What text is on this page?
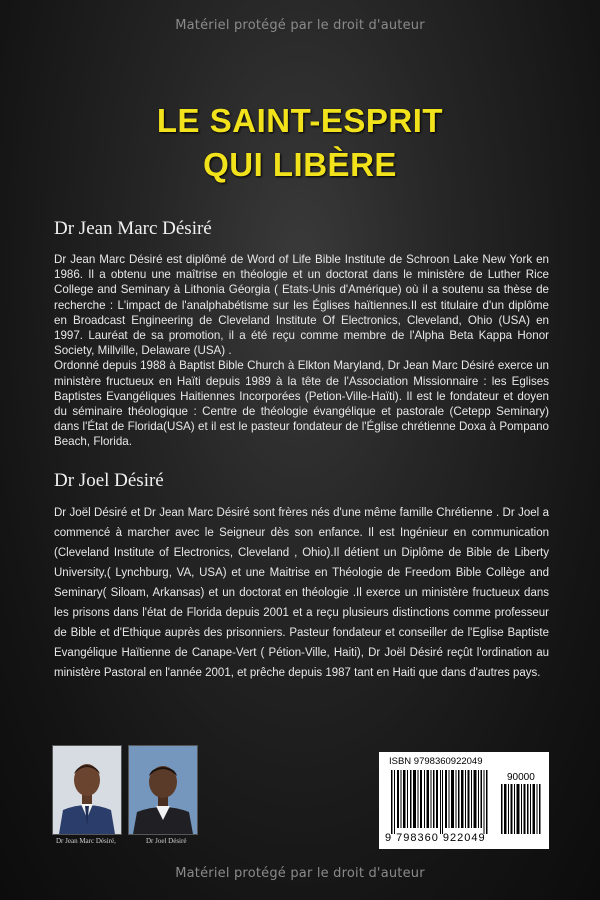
Matériel protégé par le droit d'auteur
LE SAINT-ESPRIT
QUI LIBÈRE
Dr Jean Marc Désiré

Dr Jean Marc Désiré est diplômé de Word of Life Bible Institute de Schroon Lake New York en 1986. Il a obtenu une maîtrise en théologie et un doctorat dans le ministère de Luther Rice College and Seminary à Lithonia Géorgia ( Etats-Unis d'Amérique) où il a soutenu sa thèse de recherche : L'impact de l'analphabétisme sur les Églises haïtiennes.Il est titulaire d'un diplôme en Broadcast Engineering de Cleveland Institute Of Electronics, Cleveland, Ohio (USA) en 1997. Lauréat de sa promotion, il a été reçu comme membre de l'Alpha Beta Kappa Honor Society, Millville, Delaware (USA) .

Ordonné depuis 1988 à Baptist Bible Church à Elkton Maryland, Dr Jean Marc Désiré exerce un ministère fructueux en Haïti depuis 1989 à la tête de l'Association Missionnaire : les Eglises Baptistes Evangéliques Haitiennes Incorporées (Petion-Ville-Haïti). Il est le fondateur et doyen du séminaire théologique : Centre de théologie évangélique et pastorale (Cetepp Seminary) dans l'État de Florida(USA) et il est le pasteur fondateur de l'Église chrétienne Doxa à Pompano Beach, Florida.

Dr Joel Désiré

Dr Joël Désiré et Dr Jean Marc Désiré sont frères nés d'une même famille Chrétienne . Dr Joel a commencé à marcher avec le Seigneur dès son enfance. Il est Ingénieur en communication (Cleveland Institute of Electronics, Cleveland , Ohio).Il détient un Diplôme de Bible de Liberty University,( Lynchburg, VA, USA) et une Maitrise en Théologie de Freedom Bible Collège and Seminary( Siloam, Arkansas) et un doctorat en théologie .Il exerce un ministère fructueux dans les prisons dans l'état de Florida depuis 2001 et a reçu plusieurs distinctions comme professeur de Bible et d'Ethique auprès des prisonniers. Pasteur fondateur et conseiller de l'Eglise Baptiste Evangélique Haïtienne de Canape-Vert ( Pétion-Ville, Haiti), Dr Joël Désiré reçût l'ordination au ministère Pastoral en l'année 2001, et prêche depuis 1987 tant en Haiti que dans d'autres pays.

Dr Jean Marc Désiré,	Dr Joel Désiré
ISBN 9798360922049
90000
9 798360 922049
Matériel protégé par le droit d'auteur
